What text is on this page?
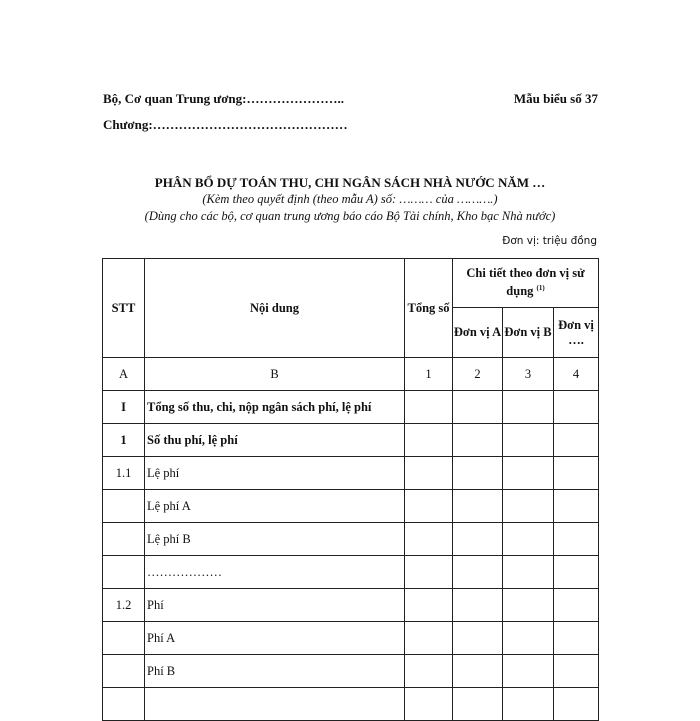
Bộ, Cơ quan Trung ương:…………………..	Mẫu biểu số 37
Chương:………………………………………
PHÂN BỔ DỰ TOÁN THU, CHI NGÂN SÁCH NHÀ NƯỚC NĂM …
(Kèm theo quyết định (theo mẫu A) số: ……… của ……….)
(Dùng cho các bộ, cơ quan trung ương báo cáo Bộ Tài chính, Kho bạc Nhà nước)
Đơn vị: triệu đồng
STT	Nội dung	Tổng số	Chi tiết theo đơn vị sử dụng $^{(1)}$
			Đơn vị A	Đơn vị B	Đơn vị ….
A	B	1	2	3	4
I	Tổng số thu, chi, nộp ngân sách phí, lệ phí				
1	Số thu phí, lệ phí				
1.1	Lệ phí				
	Lệ phí A				
	Lệ phí B				
	………………				
1.2	Phí				
	Phí A				
	Phí B				
